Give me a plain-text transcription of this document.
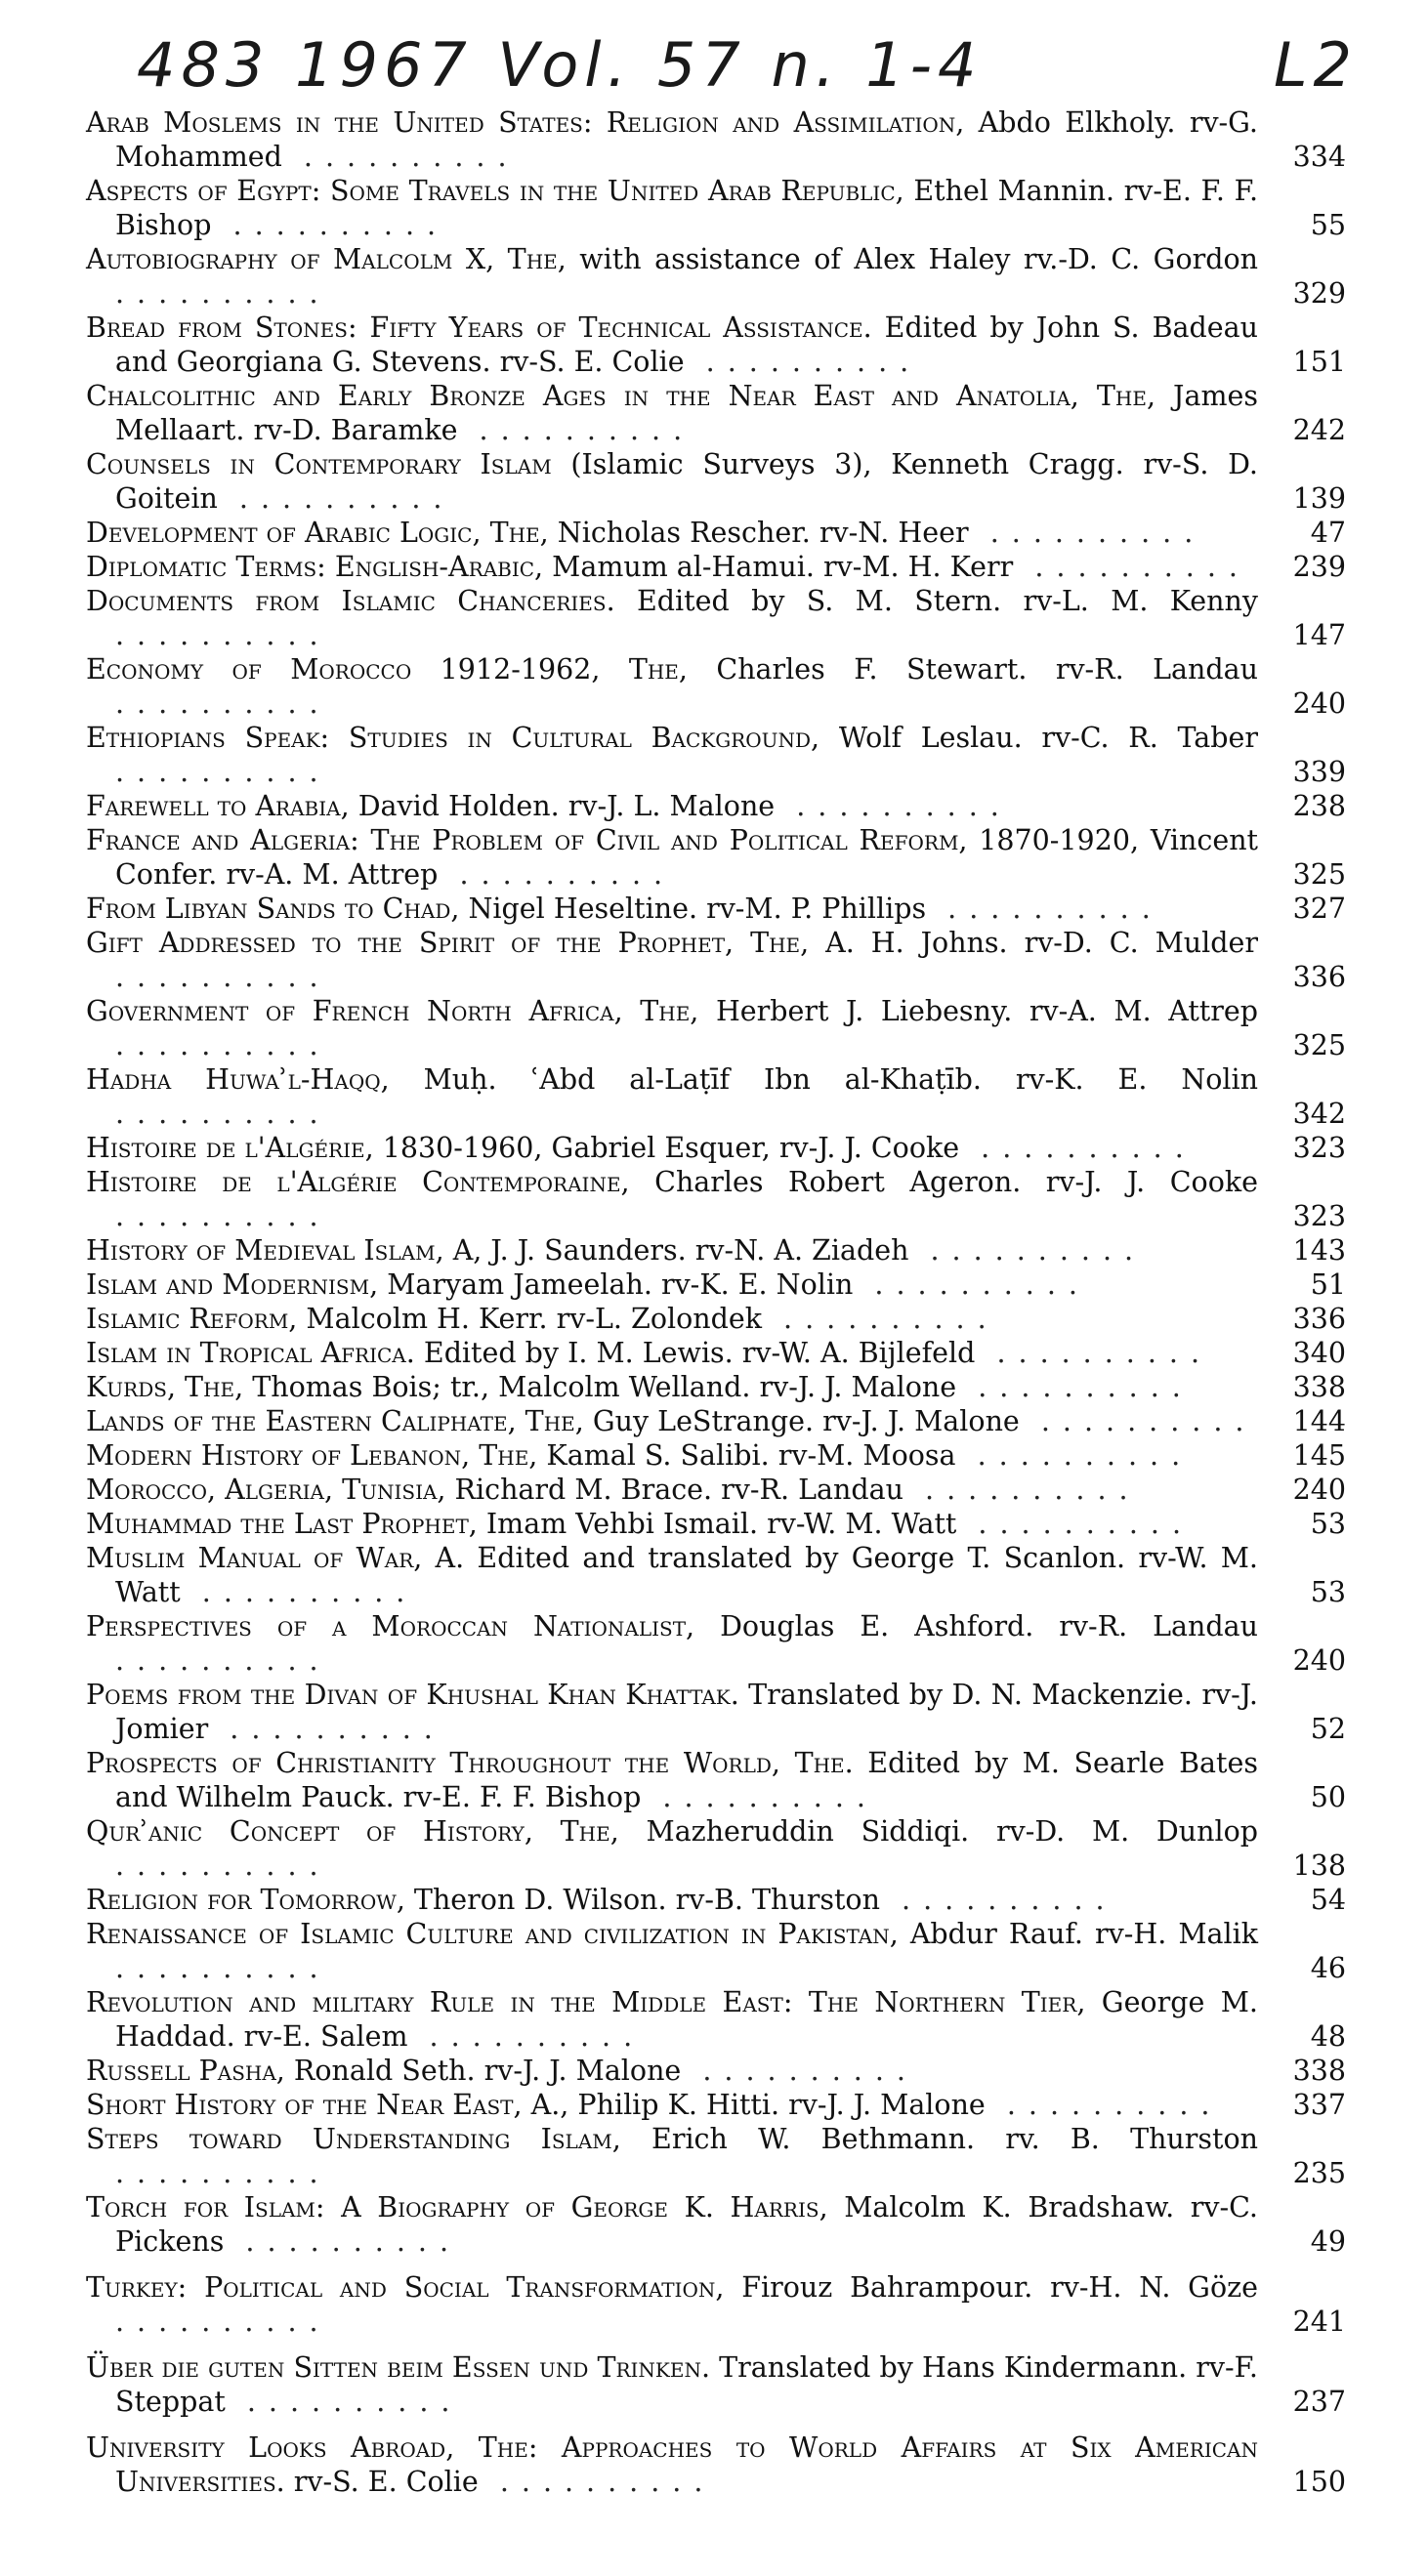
483 1967 Vol. 57 n. 1-4	L2
Arab Moslems in the United States: Religion and Assimilation, Abdo Elkholy. rv-G. Mohammed ..........	334
Aspects of Egypt: Some Travels in the United Arab Republic, Ethel Mannin. rv-E. F. F. Bishop ..........	55
Autobiography of Malcolm X, The, with assistance of Alex Haley rv.-D. C. Gordon ..........	329
Bread from Stones: Fifty Years of Technical Assistance. Edited by John S. Badeau and Georgiana G. Stevens. rv-S. E. Colie ..........	151
Chalcolithic and Early Bronze Ages in the Near East and Anatolia, The, James Mellaart. rv-D. Baramke ..........	242
Counsels in Contemporary Islam (Islamic Surveys 3), Kenneth Cragg. rv-S. D. Goitein ..........	139
Development of Arabic Logic, The, Nicholas Rescher. rv-N. Heer ..........	47
Diplomatic Terms: English-Arabic, Mamum al-Hamui. rv-M. H. Kerr ..........	239
Documents from Islamic Chanceries. Edited by S. M. Stern. rv-L. M. Kenny ..........	147
Economy of Morocco 1912-1962, The, Charles F. Stewart. rv-R. Landau ..........	240
Ethiopians Speak: Studies in Cultural Background, Wolf Leslau. rv-C. R. Taber ..........	339
Farewell to Arabia, David Holden. rv-J. L. Malone ..........	238
France and Algeria: The Problem of Civil and Political Reform, 1870-1920, Vincent Confer. rv-A. M. Attrep ..........	325
From Libyan Sands to Chad, Nigel Heseltine. rv-M. P. Phillips ..........	327
Gift Addressed to the Spirit of the Prophet, The, A. H. Johns. rv-D. C. Mulder ..........	336
Government of French North Africa, The, Herbert J. Liebesny. rv-A. M. Attrep ..........	325
Hadha Huwaʾl-Haqq, Muḥ. ʿAbd al-Laṭīf Ibn al-Khaṭīb. rv-K. E. Nolin ..........	342
Histoire de l'Algérie, 1830-1960, Gabriel Esquer, rv-J. J. Cooke ..........	323
Histoire de l'Algérie Contemporaine, Charles Robert Ageron. rv-J. J. Cooke ..........	323
History of Medieval Islam, A, J. J. Saunders. rv-N. A. Ziadeh ..........	143
Islam and Modernism, Maryam Jameelah. rv-K. E. Nolin ..........	51
Islamic Reform, Malcolm H. Kerr. rv-L. Zolondek ..........	336
Islam in Tropical Africa. Edited by I. M. Lewis. rv-W. A. Bijlefeld ..........	340
Kurds, The, Thomas Bois; tr., Malcolm Welland. rv-J. J. Malone ..........	338
Lands of the Eastern Caliphate, The, Guy LeStrange. rv-J. J. Malone ..........	144
Modern History of Lebanon, The, Kamal S. Salibi. rv-M. Moosa ..........	145
Morocco, Algeria, Tunisia, Richard M. Brace. rv-R. Landau ..........	240
Muhammad the Last Prophet, Imam Vehbi Ismail. rv-W. M. Watt ..........	53
Muslim Manual of War, A. Edited and translated by George T. Scanlon. rv-W. M. Watt ..........	53
Perspectives of a Moroccan Nationalist, Douglas E. Ashford. rv-R. Landau ..........	240
Poems from the Divan of Khushal Khan Khattak. Translated by D. N. Mackenzie. rv-J. Jomier ..........	52
Prospects of Christianity Throughout the World, The. Edited by M. Searle Bates and Wilhelm Pauck. rv-E. F. F. Bishop ..........	50
Qurʾanic Concept of History, The, Mazheruddin Siddiqi. rv-D. M. Dunlop ..........	138
Religion for Tomorrow, Theron D. Wilson. rv-B. Thurston ..........	54
Renaissance of Islamic Culture and civilization in Pakistan, Abdur Rauf. rv-H. Malik ..........	46
Revolution and military Rule in the Middle East: The Northern Tier, George M. Haddad. rv-E. Salem ..........	48
Russell Pasha, Ronald Seth. rv-J. J. Malone ..........	338
Short History of the Near East, A., Philip K. Hitti. rv-J. J. Malone ..........	337
Steps toward Understanding Islam, Erich W. Bethmann. rv. B. Thurston ..........	235
Torch for Islam: A Biography of George K. Harris, Malcolm K. Bradshaw. rv-C. Pickens ..........	49
Turkey: Political and Social Transformation, Firouz Bahrampour. rv-H. N. Göze ..........	241
Über die guten Sitten beim Essen und Trinken. Translated by Hans Kindermann. rv-F. Steppat ..........	237
University Looks Abroad, The: Approaches to World Affairs at Six American Universities. rv-S. E. Colie ..........	150
